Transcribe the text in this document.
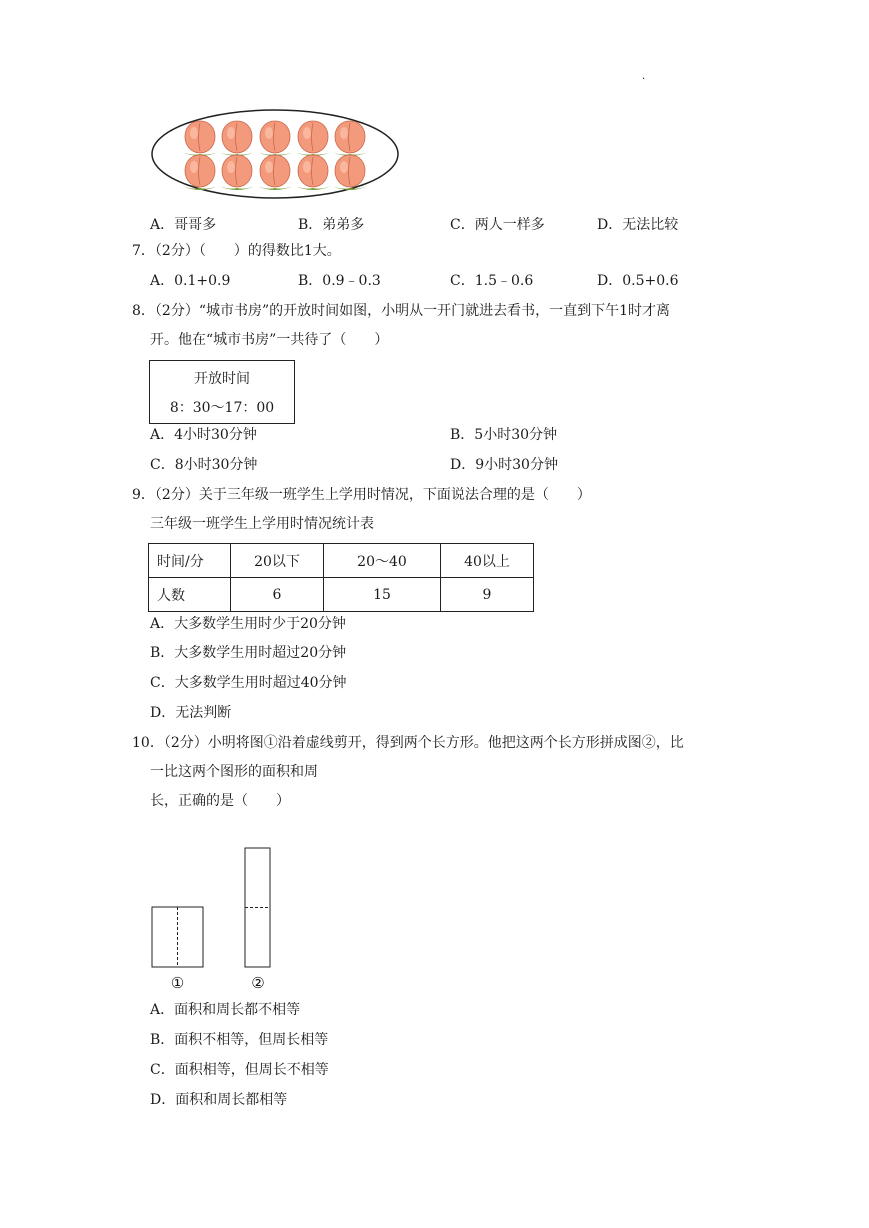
·
A．哥哥多	B．弟弟多	C．两人一样多	D．无法比较
7．（2分）（　　）的得数比1大。
A．0.1+0.9	B．0.9﹣0.3	C．1.5﹣0.6	D．0.5+0.6
8．（2分）“城市书房”的开放时间如图，小明从一开门就进去看书，一直到下午1时才离
开。他在“城市书房”一共待了（　　）
开放时间
8：30～17：00
A．4小时30分钟	B．5小时30分钟
C．8小时30分钟	D．9小时30分钟
9．（2分）关于三年级一班学生上学用时情况，下面说法合理的是（　　）
三年级一班学生上学用时情况统计表
时间/分	20以下	20～40	40以上
人数	6	15	9
A．大多数学生用时少于20分钟
B．大多数学生用时超过20分钟
C．大多数学生用时超过40分钟
D．无法判断
10．（2分）小明将图①沿着虚线剪开，得到两个长方形。他把这两个长方形拼成图②，比
一比这两个图形的面积和周
长，正确的是（　　）
①	②
A．面积和周长都不相等
B．面积不相等，但周长相等
C．面积相等，但周长不相等
D．面积和周长都相等
